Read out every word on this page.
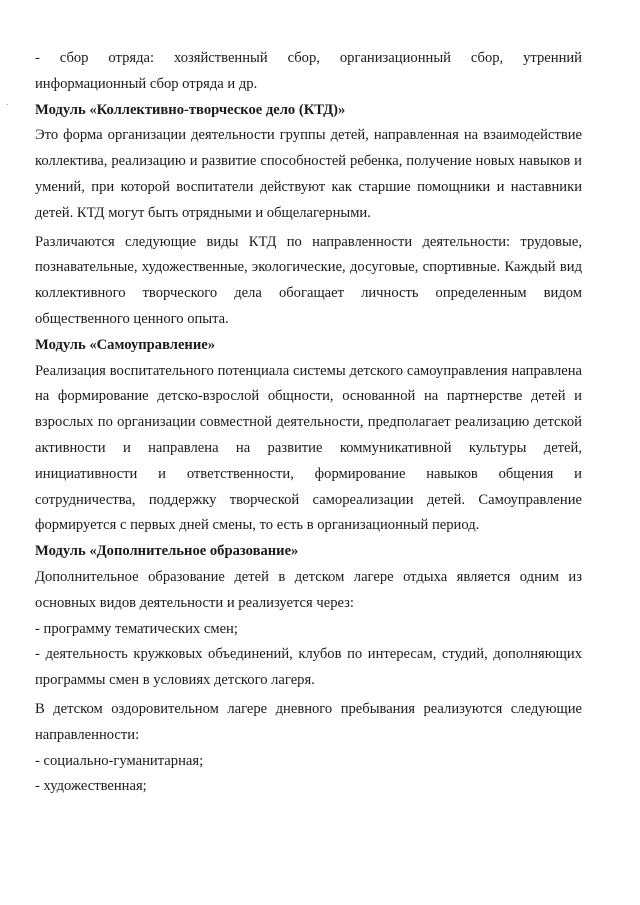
- сбор отряда: хозяйственный сбор, организационный сбор, утренний информационный сбор отряда и др.

Модуль «Коллективно-творческое дело (КТД)»

Это форма организации деятельности группы детей, направленная на взаимодействие коллектива, реализацию и развитие способностей ребенка, получение новых навыков и умений, при которой воспитатели действуют как старшие помощники и наставники детей. КТД могут быть отрядными и общелагерными.

Различаются следующие виды КТД по направленности деятельности: трудовые, познавательные, художественные, экологические, досуговые, спортивные. Каждый вид коллективного творческого дела обогащает личность определенным видом общественного ценного опыта.

Модуль «Самоуправление»

Реализация воспитательного потенциала системы детского самоуправления направлена на формирование детско-взрослой общности, основанной на партнерстве детей и взрослых по организации совместной деятельности, предполагает реализацию детской активности и направлена на развитие коммуникативной культуры детей, инициативности и ответственности, формирование навыков общения и сотрудничества, поддержку творческой самореализации детей. Самоуправление формируется с первых дней смены, то есть в организационный период.

Модуль «Дополнительное образование»

Дополнительное образование детей в детском лагере отдыха является одним из основных видов деятельности и реализуется через:

- программу тематических смен;

- деятельность кружковых объединений, клубов по интересам, студий, дополняющих программы смен в условиях детского лагеря.

В детском оздоровительном лагере дневного пребывания реализуются следующие направленности:

- социально-гуманитарная;

- художественная;
